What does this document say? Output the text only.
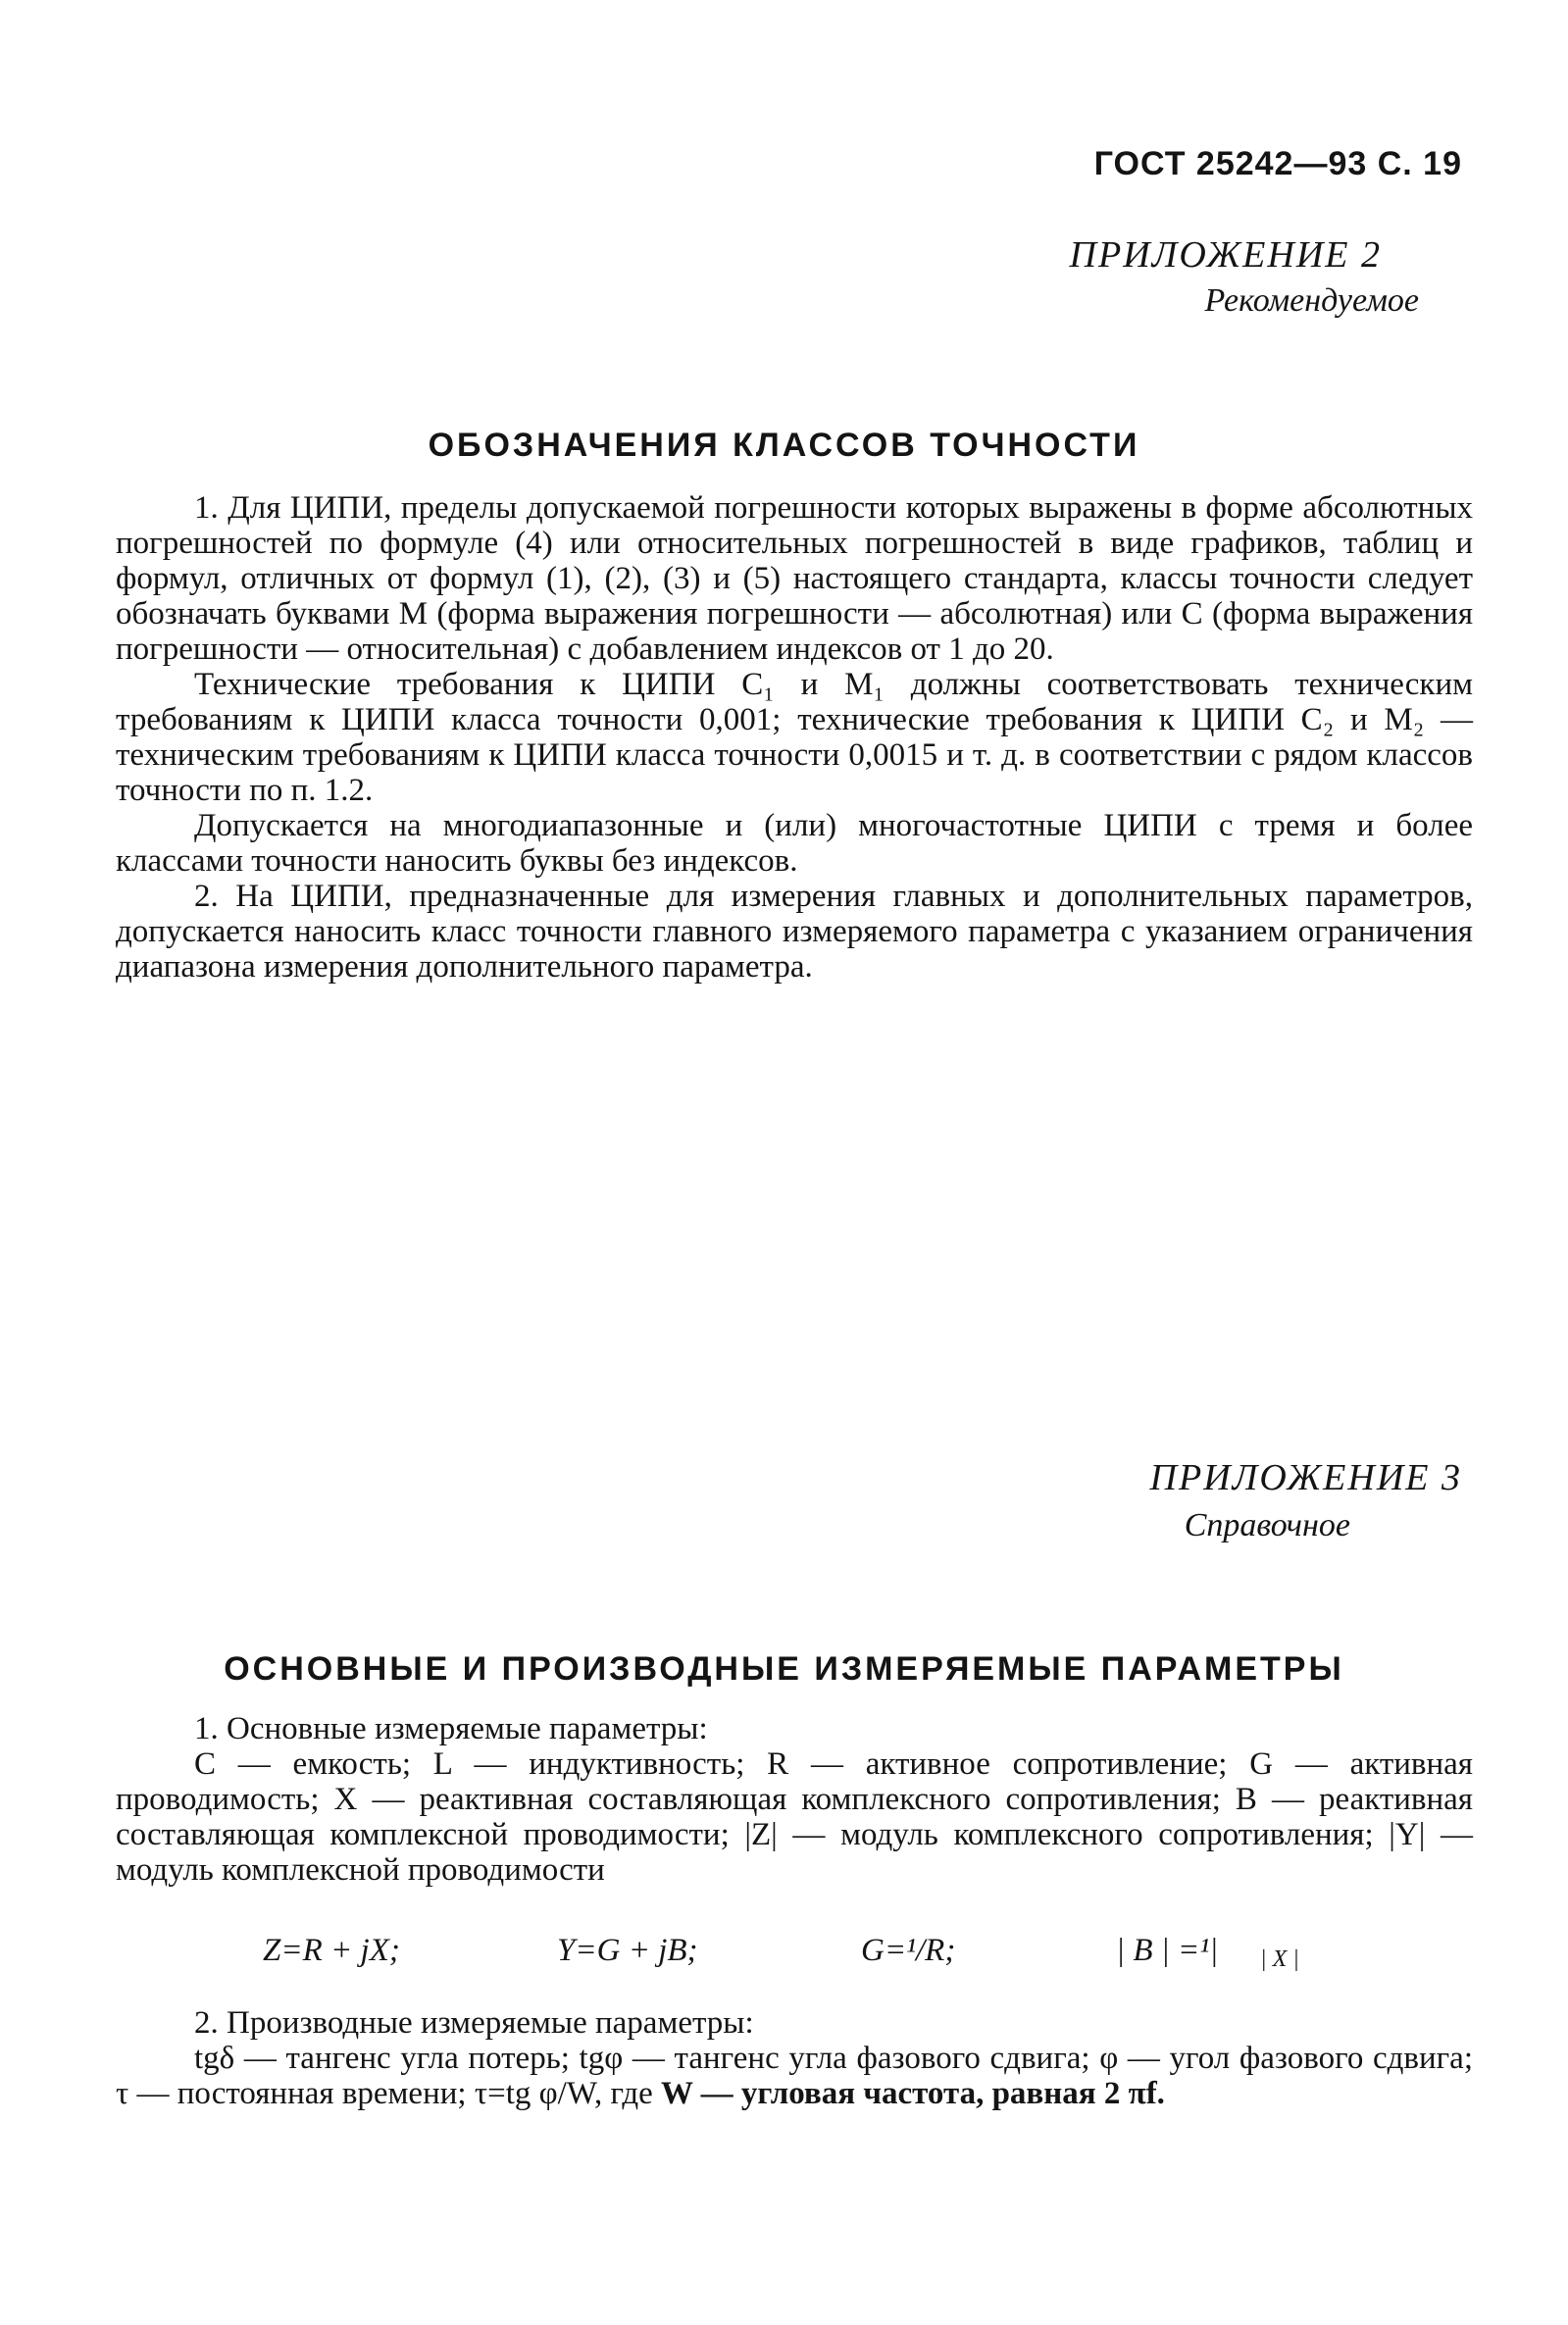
ГОСТ 25242—93 С. 19
ПРИЛОЖЕНИЕ 2
Рекомендуемое
ОБОЗНАЧЕНИЯ КЛАССОВ ТОЧНОСТИ

1. Для ЦИПИ, пределы допускаемой погрешности которых выражены в форме абсолютных погрешностей по формуле (4) или относительных погрешностей в виде графиков, таблиц и формул, отличных от формул (1), (2), (3) и (5) настоящего стандарта, классы точности следует обозначать буквами M (форма выражения погрешности — абсолютная) или C (форма выражения погрешности — относительная) с добавлением индексов от 1 до 20.

Технические требования к ЦИПИ C₁ и M₁ должны соответствовать техническим требованиям к ЦИПИ класса точности 0,001; технические требования к ЦИПИ C₂ и M₂ — техническим требованиям к ЦИПИ класса точности 0,0015 и т. д. в соответствии с рядом классов точности по п. 1.2.

Допускается на многодиапазонные и (или) многочастотные ЦИПИ с тремя и более классами точности наносить буквы без индексов.

2. На ЦИПИ, предназначенные для измерения главных и дополнительных параметров, допускается наносить класс точности главного измеряемого параметра с указанием ограничения диапазона измерения дополнительного параметра.

ПРИЛОЖЕНИЕ 3
Справочное
ОСНОВНЫЕ И ПРОИЗВОДНЫЕ ИЗМЕРЯЕМЫЕ ПАРАМЕТРЫ

1. Основные измеряемые параметры:

C — емкость; L — индуктивность; R — активное сопротивление; G — активная проводимость; X — реактивная составляющая комплексного сопротивления; B — реактивная составляющая комплексной проводимости; |Z| — модуль комплексного сопротивления; |Y| — модуль комплексной проводимости

Z=R + jX;	Y=G + jB;	G=¹/R;	| B | =¹| | X |

2. Производные измеряемые параметры:

tgδ — тангенс угла потерь; tgφ — тангенс угла фазового сдвига; φ — угол фазового сдвига; τ — постоянная времени; τ=tg φ/W, где W — угловая частота, равная 2 πf.
